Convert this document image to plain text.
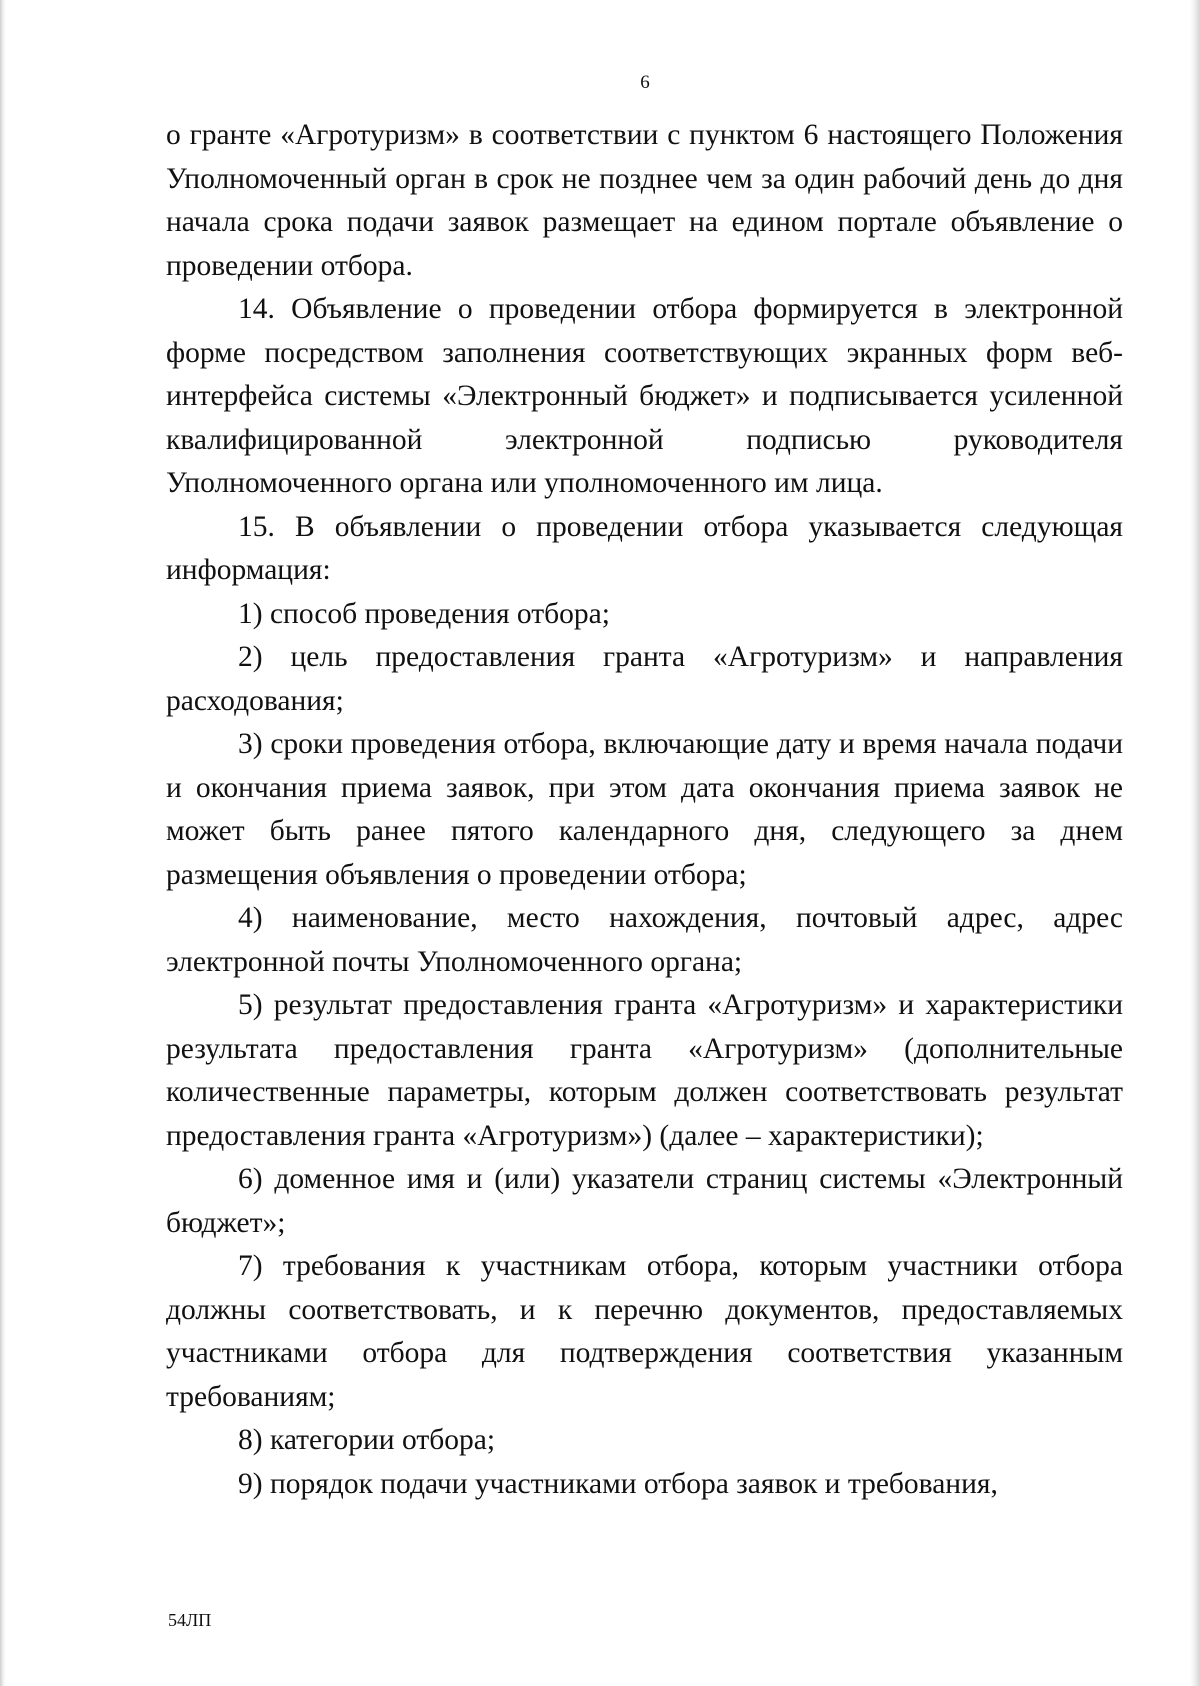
6

о гранте «Агротуризм» в соответствии с пунктом 6 настоящего Положения Уполномоченный орган в срок не позднее чем за один рабочий день до дня начала срока подачи заявок размещает на едином портале объявление о проведении отбора.

14. Объявление о проведении отбора формируется в электронной форме посредством заполнения соответствующих экранных форм веб-интерфейса системы «Электронный бюджет» и подписывается усиленной квалифицированной электронной подписью руководителя Уполномоченного органа или уполномоченного им лица.

15. В объявлении о проведении отбора указывается следующая информация:

1) способ проведения отбора;

2) цель предоставления гранта «Агротуризм» и направления расходования;

3) сроки проведения отбора, включающие дату и время начала подачи и окончания приема заявок, при этом дата окончания приема заявок не может быть ранее пятого календарного дня, следующего за днем размещения объявления о проведении отбора;

4) наименование, место нахождения, почтовый адрес, адрес электронной почты Уполномоченного органа;

5) результат предоставления гранта «Агротуризм» и характеристики результата предоставления гранта «Агротуризм» (дополнительные количественные параметры, которым должен соответствовать результат предоставления гранта «Агротуризм») (далее – характеристики);

6) доменное имя и (или) указатели страниц системы «Электронный бюджет»;

7) требования к участникам отбора, которым участники отбора должны соответствовать, и к перечню документов, предоставляемых участниками отбора для подтверждения соответствия указанным требованиям;

8) категории отбора;

9) порядок подачи участниками отбора заявок и требования,

54ЛП
